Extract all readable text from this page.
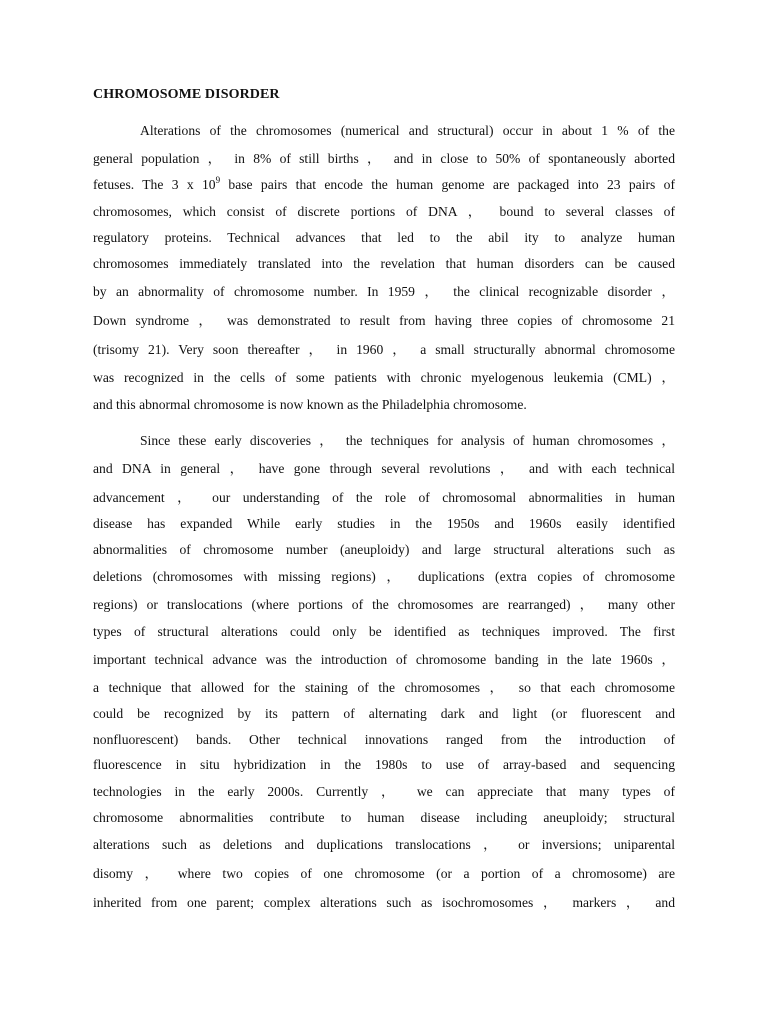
CHROMOSOME DISORDER
Alterations of the chromosomes (numerical and structural) occur in about 1 % of the
general population ， in 8% of still births ， and in close to 50% of spontaneously aborted
fetuses. The 3 x $10^9$ base pairs that encode the human genome are packaged into 23 pairs of
chromosomes, which consist of discrete portions of DNA ， bound to several classes of
regulatory proteins. Technical advances that led to the abil ity to analyze human
chromosomes immediately translated into the revelation that human disorders can be caused
by an abnormality of chromosome number. In 1959 ， the clinical recognizable disorder ，
Down syndrome ， was demonstrated to result from having three copies of chromosome 21
(trisomy 21). Very soon thereafter ， in 1960 ， a small structurally abnormal chromosome
was recognized in the cells of some patients with chronic myelogenous leukemia (CML) ，
and this abnormal chromosome is now known as the Philadelphia chromosome.
Since these early discoveries ， the techniques for analysis of human chromosomes ，
and DNA in general ， have gone through several revolutions ， and with each technical
advancement ， our understanding of the role of chromosomal abnormalities in human
disease has expanded While early studies in the 1950s and 1960s easily identified
abnormalities of chromosome number (aneuploidy) and large structural alterations such as
deletions (chromosomes with missing regions) ， duplications (extra copies of chromosome
regions) or translocations (where portions of the chromosomes are rearranged) ， many other
types of structural alterations could only be identified as techniques improved. The first
important technical advance was the introduction of chromosome banding in the late 1960s ，
a technique that allowed for the staining of the chromosomes ， so that each chromosome
could be recognized by its pattern of alternating dark and light (or fluorescent and
nonfluorescent) bands. Other technical innovations ranged from the introduction of
fluorescence in situ hybridization in the 1980s to use of array-based and sequencing
technologies in the early 2000s. Currently ， we can appreciate that many types of
chromosome abnormalities contribute to human disease including aneuploidy; structural
alterations such as deletions and duplications translocations ， or inversions; uniparental
disomy ， where two copies of one chromosome (or a portion of a chromosome) are
inherited from one parent; complex alterations such as isochromosomes ， markers ， and
